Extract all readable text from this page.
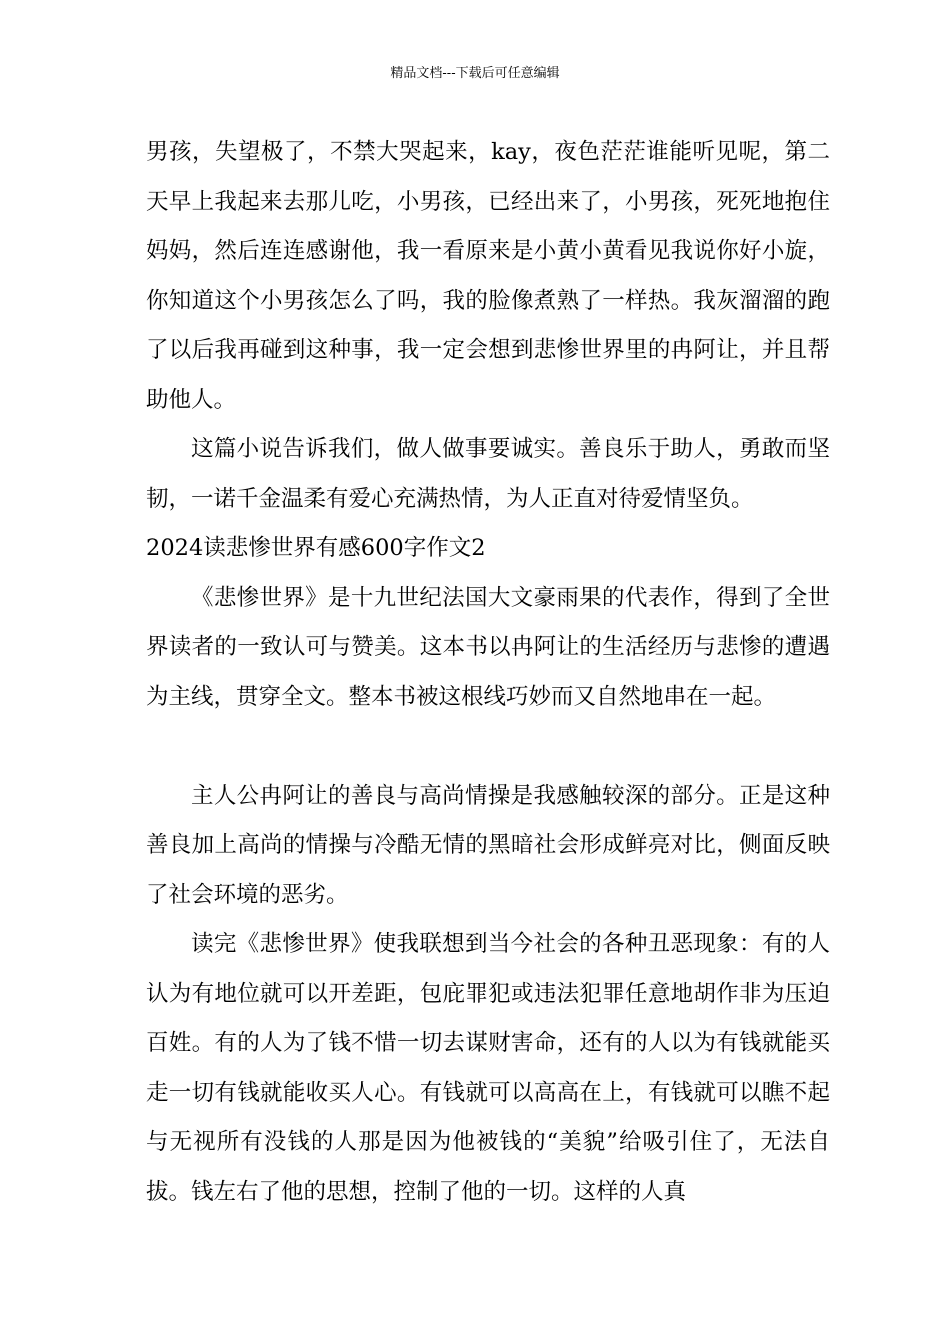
精品文档---下载后可任意编辑

男孩，失望极了，不禁大哭起来，kay，夜色茫茫谁能听见呢，第二天早上我起来去那儿吃，小男孩，已经出来了，小男孩，死死地抱住妈妈，然后连连感谢他，我一看原来是小黄小黄看见我说你好小旋，你知道这个小男孩怎么了吗，我的脸像煮熟了一样热。我灰溜溜的跑了以后我再碰到这种事，我一定会想到悲惨世界里的冉阿让，并且帮助他人。

这篇小说告诉我们，做人做事要诚实。善良乐于助人，勇敢而坚韧，一诺千金温柔有爱心充满热情，为人正直对待爱情坚负。

2024读悲惨世界有感600字作文2

《悲惨世界》是十九世纪法国大文豪雨果的代表作，得到了全世界读者的一致认可与赞美。这本书以冉阿让的生活经历与悲惨的遭遇为主线，贯穿全文。整本书被这根线巧妙而又自然地串在一起。

主人公冉阿让的善良与高尚情操是我感触较深的部分。正是这种善良加上高尚的情操与冷酷无情的黑暗社会形成鲜亮对比，侧面反映了社会环境的恶劣。

读完《悲惨世界》使我联想到当今社会的各种丑恶现象：有的人认为有地位就可以开差距，包庇罪犯或违法犯罪任意地胡作非为压迫百姓。有的人为了钱不惜一切去谋财害命，还有的人以为有钱就能买走一切有钱就能收买人心。有钱就可以高高在上，有钱就可以瞧不起与无视所有没钱的人那是因为他被钱的“美貌”给吸引住了，无法自拔。钱左右了他的思想，控制了他的一切。这样的人真
